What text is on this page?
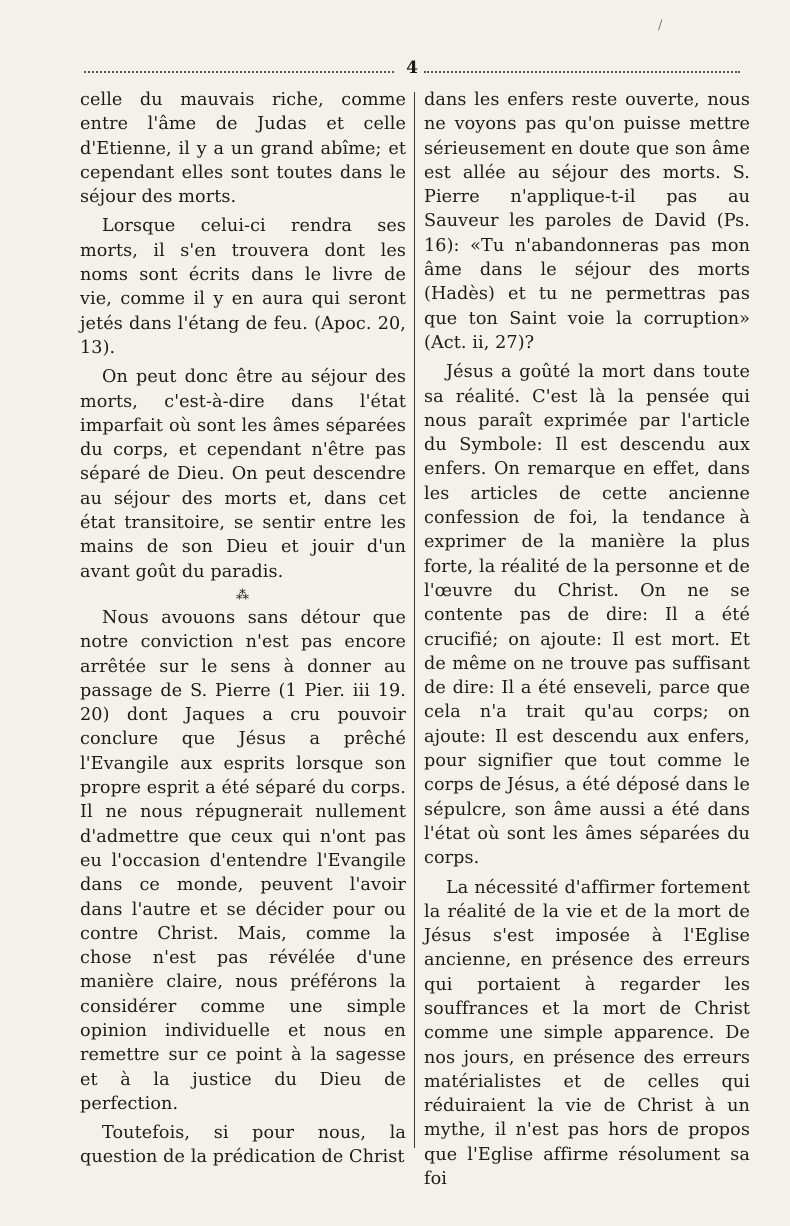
/
4

celle du mauvais riche, comme entre l'âme de Judas et celle d'Etienne, il y a un grand abîme; et cependant elles sont toutes dans le séjour des morts.

Lorsque celui-ci rendra ses morts, il s'en trouvera dont les noms sont écrits dans le livre de vie, comme il y en aura qui seront jetés dans l'étang de feu. (Apoc. 20, 13).

On peut donc être au séjour des morts, c'est-à-dire dans l'état imparfait où sont les âmes séparées du corps, et cependant n'être pas séparé de Dieu. On peut descendre au séjour des morts et, dans cet état transitoire, se sentir entre les mains de son Dieu et jouir d'un avant goût du paradis.

⁂

Nous avouons sans détour que notre conviction n'est pas encore arrêtée sur le sens à donner au passage de S. Pierre (1 Pier. iii 19. 20) dont Jaques a cru pouvoir conclure que Jésus a prêché l'Evangile aux esprits lorsque son propre esprit a été séparé du corps. Il ne nous répugnerait nullement d'admettre que ceux qui n'ont pas eu l'occasion d'entendre l'Evangile dans ce monde, peuvent l'avoir dans l'autre et se décider pour ou contre Christ. Mais, comme la chose n'est pas révélée d'une manière claire, nous préférons la considérer comme une simple opinion individuelle et nous en remettre sur ce point à la sagesse et à la justice du Dieu de perfection.

Toutefois, si pour nous, la question de la prédication de Christ

dans les enfers reste ouverte, nous ne voyons pas qu'on puisse mettre sérieusement en doute que son âme est allée au séjour des morts. S. Pierre n'applique-t-il pas au Sauveur les paroles de David (Ps. 16): «Tu n'abandonneras pas mon âme dans le séjour des morts (Hadès) et tu ne permettras pas que ton Saint voie la corruption» (Act. ii, 27)?

Jésus a goûté la mort dans toute sa réalité. C'est là la pensée qui nous paraît exprimée par l'article du Symbole: Il est descendu aux enfers. On remarque en effet, dans les articles de cette ancienne confession de foi, la tendance à exprimer de la manière la plus forte, la réalité de la personne et de l'œuvre du Christ. On ne se contente pas de dire: Il a été crucifié; on ajoute: Il est mort. Et de même on ne trouve pas suffisant de dire: Il a été enseveli, parce que cela n'a trait qu'au corps; on ajoute: Il est descendu aux enfers, pour signifier que tout comme le corps de Jésus, a été déposé dans le sépulcre, son âme aussi a été dans l'état où sont les âmes séparées du corps.

La nécessité d'affirmer fortement la réalité de la vie et de la mort de Jésus s'est imposée à l'Eglise ancienne, en présence des erreurs qui portaient à regarder les souffrances et la mort de Christ comme une simple apparence. De nos jours, en présence des erreurs matérialistes et de celles qui réduiraient la vie de Christ à un mythe, il n'est pas hors de propos que l'Eglise affirme résolument sa foi
